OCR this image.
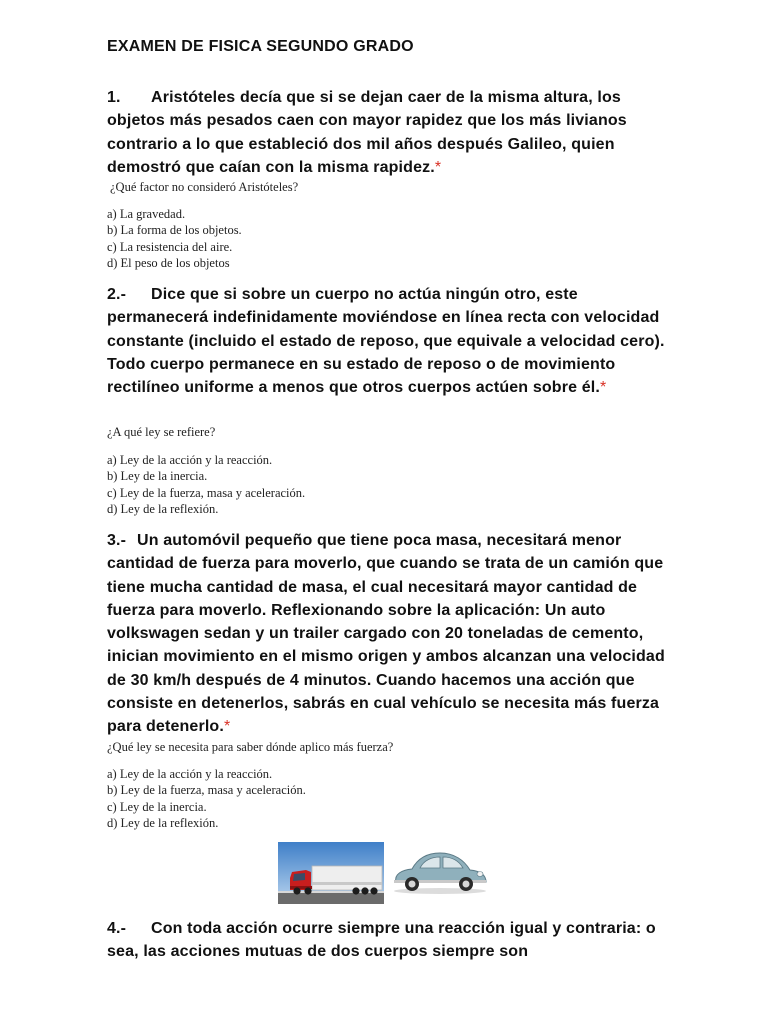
EXAMEN DE FISICA SEGUNDO GRADO
1. Aristóteles decía que si se dejan caer de la misma altura, los objetos más pesados caen con mayor rapidez que los más livianos contrario a lo que estableció dos mil años después Galileo, quien demostró que caían con la misma rapidez.*
¿Qué factor no consideró Aristóteles?
a) La gravedad.
b) La forma de los objetos.
c) La resistencia del aire.
d) El peso de los objetos
2.- Dice que si sobre un cuerpo no actúa ningún otro, este permanecerá indefinidamente moviéndose en línea recta con velocidad constante (incluido el estado de reposo, que equivale a velocidad cero). Todo cuerpo permanece en su estado de reposo o de movimiento rectilíneo uniforme a menos que otros cuerpos actúen sobre él.*
¿A qué ley se refiere?
a) Ley de la acción y la reacción.
b) Ley de la inercia.
c) Ley de la fuerza, masa y aceleración.
d) Ley de la reflexión.
3.- Un automóvil pequeño que tiene poca masa, necesitará menor cantidad de fuerza para moverlo, que cuando se trata de un camión que tiene mucha cantidad de masa, el cual necesitará mayor cantidad de fuerza para moverlo. Reflexionando sobre la aplicación: Un auto volkswagen sedan y un trailer cargado con 20 toneladas de cemento, inician movimiento en el mismo origen y ambos alcanzan una velocidad de 30 km/h después de 4 minutos. Cuando hacemos una acción que consiste en detenerlos, sabrás en cual vehículo se necesita más fuerza para detenerlo.*
¿Qué ley se necesita para saber dónde aplico más fuerza?
a) Ley de la acción y la reacción.
b) Ley de la fuerza, masa y aceleración.
c) Ley de la inercia.
d) Ley de la reflexión.
4.- Con toda acción ocurre siempre una reacción igual y contraria: o sea, las acciones mutuas de dos cuerpos siempre son
